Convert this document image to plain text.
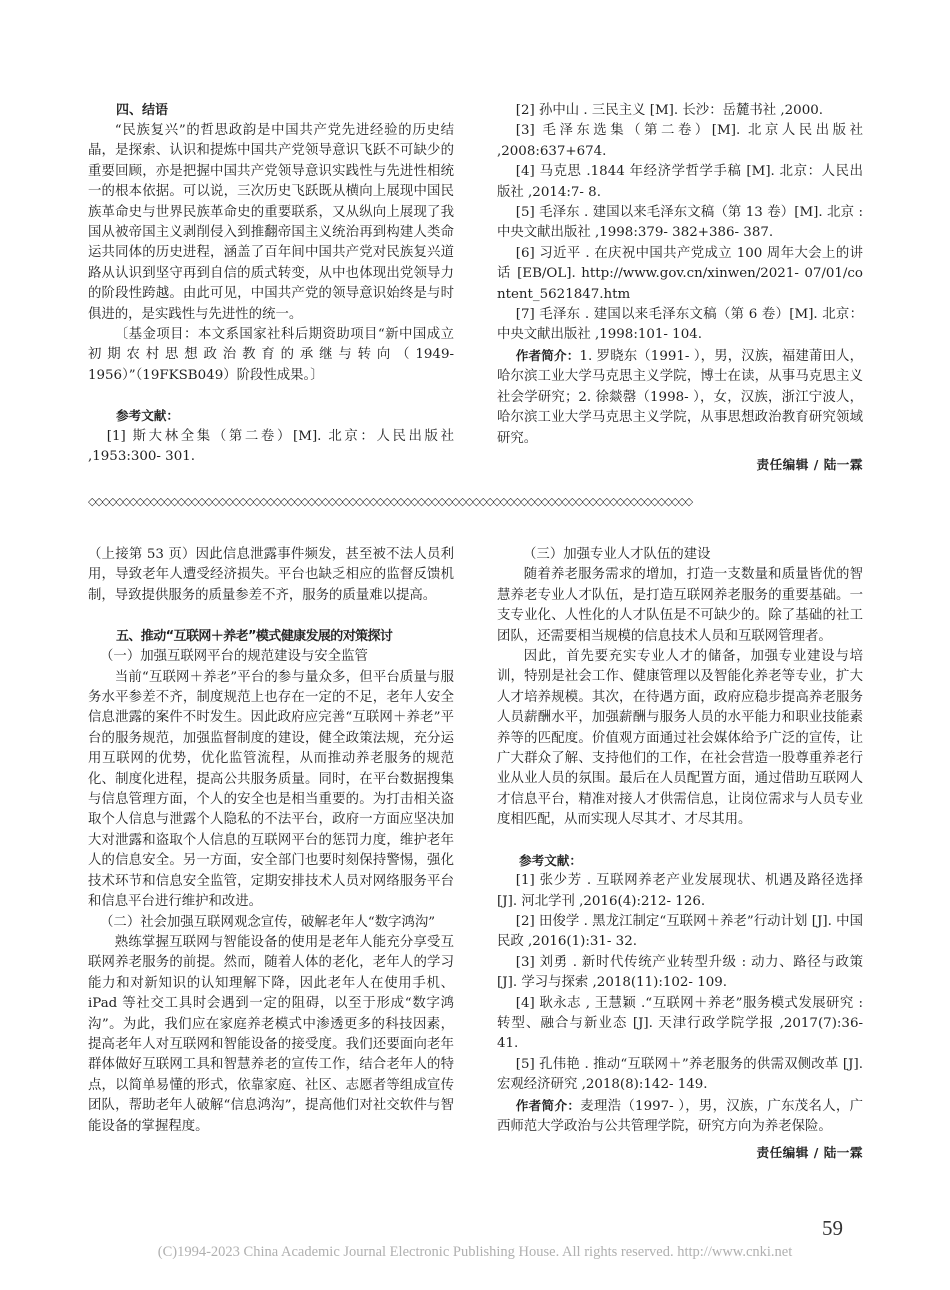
四、结语

“民族复兴”的哲思政韵是中国共产党先进经验的历史结晶，是探索、认识和提炼中国共产党领导意识飞跃不可缺少的重要回顾，亦是把握中国共产党领导意识实践性与先进性相统一的根本依据。可以说，三次历史飞跃既从横向上展现中国民族革命史与世界民族革命史的重要联系，又从纵向上展现了我国从被帝国主义剥削侵入到推翻帝国主义统治再到构建人类命运共同体的历史进程，涵盖了百年间中国共产党对民族复兴道路从认识到坚守再到自信的质式转变，从中也体现出党领导力的阶段性跨越。由此可见，中国共产党的领导意识始终是与时俱进的，是实践性与先进性的统一。

〔基金项目：本文系国家社科后期资助项目“新中国成立初期农村思想政治教育的承继与转向（1949-1956）”（19FKSB049）阶段性成果。〕

参考文献：

[1] 斯大林全集（第二卷）[M]. 北京：人民出版社 ,1953:300- 301.

[2] 孙中山 . 三民主义 [M]. 长沙：岳麓书社 ,2000.

[3] 毛泽东选集（第二卷）[M]. 北京人民出版社 ,2008:637+674.

[4] 马克思 .1844 年经济学哲学手稿 [M]. 北京：人民出版社 ,2014:7- 8.

[5] 毛泽东 . 建国以来毛泽东文稿（第 13 卷）[M]. 北京 : 中央文献出版社 ,1998:379- 382+386- 387.

[6] 习近平 . 在庆祝中国共产党成立 100 周年大会上的讲话 [EB/OL]. http://www.gov.cn/xinwen/2021- 07/01/content_5621847.htm

[7] 毛泽东 . 建国以来毛泽东文稿（第 6 卷）[M]. 北京：中央文献出版社 ,1998:101- 104.

作者简介：1. 罗晓东（1991- ），男，汉族，福建莆田人，哈尔滨工业大学马克思主义学院，博士在读，从事马克思主义社会学研究；2. 徐燚罄（1998- ），女，汉族，浙江宁波人，哈尔滨工业大学马克思主义学院，从事思想政治教育研究领域研究。

责任编辑 / 陆一霖
◇◇◇◇◇◇◇◇◇◇◇◇◇◇◇◇◇◇◇◇◇◇◇◇◇◇◇◇◇◇◇◇◇◇◇◇◇◇◇◇◇◇◇◇◇◇◇◇◇◇◇◇◇◇◇◇◇◇◇◇◇◇◇◇◇◇◇◇◇◇◇◇◇◇◇◇◇◇◇◇◇◇◇◇◇◇◇◇

（上接第 53 页）因此信息泄露事件频发，甚至被不法人员利用，导致老年人遭受经济损失。平台也缺乏相应的监督反馈机制，导致提供服务的质量参差不齐，服务的质量难以提高。

五、推动“互联网＋养老”模式健康发展的对策探讨
（一）加强互联网平台的规范建设与安全监管

当前“互联网＋养老”平台的参与量众多，但平台质量与服务水平参差不齐，制度规范上也存在一定的不足，老年人安全信息泄露的案件不时发生。因此政府应完善“互联网＋养老”平台的服务规范，加强监督制度的建设，健全政策法规，充分运用互联网的优势，优化监管流程，从而推动养老服务的规范化、制度化进程，提高公共服务质量。同时，在平台数据搜集与信息管理方面，个人的安全也是相当重要的。为打击相关盗取个人信息与泄露个人隐私的不法平台，政府一方面应坚决加大对泄露和盗取个人信息的互联网平台的惩罚力度，维护老年人的信息安全。另一方面，安全部门也要时刻保持警惕，强化技术环节和信息安全监管，定期安排技术人员对网络服务平台和信息平台进行维护和改进。

（二）社会加强互联网观念宣传，破解老年人“数字鸿沟”

熟练掌握互联网与智能设备的使用是老年人能充分享受互联网养老服务的前提。然而，随着人体的老化，老年人的学习能力和对新知识的认知理解下降，因此老年人在使用手机、iPad 等社交工具时会遇到一定的阻碍，以至于形成“数字鸿沟”。为此，我们应在家庭养老模式中渗透更多的科技因素，提高老年人对互联网和智能设备的接受度。我们还要面向老年群体做好互联网工具和智慧养老的宣传工作，结合老年人的特点，以简单易懂的形式，依靠家庭、社区、志愿者等组成宣传团队，帮助老年人破解“信息鸿沟”，提高他们对社交软件与智能设备的掌握程度。

（三）加强专业人才队伍的建设

随着养老服务需求的增加，打造一支数量和质量皆优的智慧养老专业人才队伍，是打造互联网养老服务的重要基础。一支专业化、人性化的人才队伍是不可缺少的。除了基础的社工团队，还需要相当规模的信息技术人员和互联网管理者。

因此，首先要充实专业人才的储备，加强专业建设与培训，特别是社会工作、健康管理以及智能化养老等专业，扩大人才培养规模。其次，在待遇方面，政府应稳步提高养老服务人员薪酬水平，加强薪酬与服务人员的水平能力和职业技能素养等的匹配度。价值观方面通过社会媒体给予广泛的宣传，让广大群众了解、支持他们的工作，在社会营造一股尊重养老行业从业人员的氛围。最后在人员配置方面，通过借助互联网人才信息平台，精准对接人才供需信息，让岗位需求与人员专业度相匹配，从而实现人尽其才、才尽其用。

参考文献：

[1] 张少芳 . 互联网养老产业发展现状、机遇及路径选择 [J]. 河北学刊 ,2016(4):212- 126.

[2] 田俊学 . 黑龙江制定“互联网＋养老”行动计划 [J]. 中国民政 ,2016(1):31- 32.

[3] 刘勇 . 新时代传统产业转型升级 : 动力、路径与政策 [J]. 学习与探索 ,2018(11):102- 109.

[4] 耿永志 , 王慧颖 .“互联网＋养老”服务模式发展研究 : 转型、融合与新业态 [J]. 天津行政学院学报 ,2017(7):36- 41.

[5] 孔伟艳 . 推动“互联网＋”养老服务的供需双侧改革 [J]. 宏观经济研究 ,2018(8):142- 149.

作者简介：麦理浩（1997- ），男，汉族，广东茂名人，广西师范大学政治与公共管理学院，研究方向为养老保险。

责任编辑 / 陆一霖
59
(C)1994-2023 China Academic Journal Electronic Publishing House. All rights reserved. http://www.cnki.net
